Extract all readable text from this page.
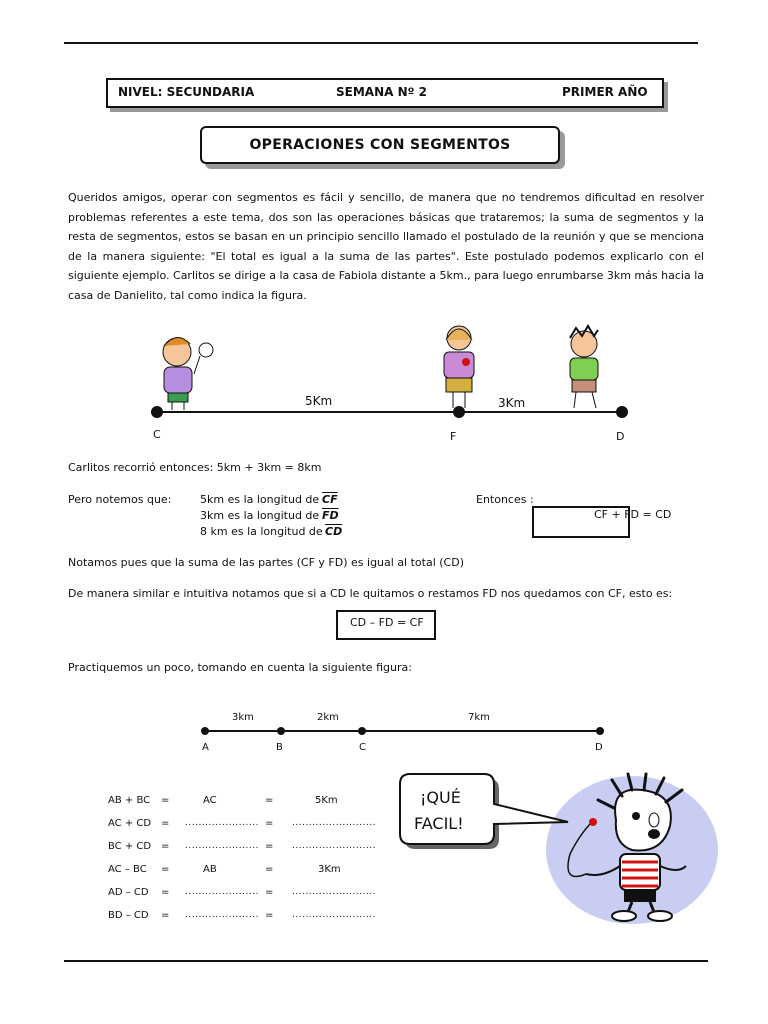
NIVEL: SECUNDARIA	SEMANA Nº 2	PRIMER AÑO
OPERACIONES CON SEGMENTOS
Queridos amigos, operar con segmentos es fácil y sencillo, de manera que no tendremos dificultad en resolver problemas referentes a este tema, dos son las operaciones básicas que trataremos; la suma de segmentos y la resta de segmentos, estos se basan en un principio sencillo llamado el postulado de la reunión y que se menciona de la manera siguiente: "El total es igual a la suma de las partes". Este postulado podemos explicarlo con el siguiente ejemplo. Carlitos se dirige a la casa de Fabiola distante a 5km., para luego enrumbarse 3km más hacia la casa de Danielito, tal como indica la figura.
5Km	3Km
C	F	D
Carlitos recorrió entonces: 5km + 3km = 8km
Pero notemos que:	5km es la longitud de $\overline{CF}$
3km es la longitud de $\overline{FD}$
8 km es la longitud de $\overline{CD}$
Entonces :
CF + FD = CD
Notamos pues que la suma de las partes (CF y FD) es igual al total (CD)
De manera similar e intuitiva notamos que si a CD le quitamos o restamos FD nos quedamos con CF, esto es:
CD – FD = CF
Practiquemos un poco, tomando en cuenta la siguiente figura:
3km	2km	7km
A	B	C	D
AB + BC =	AC	=	5Km
AC + CD = ...................... = .........................
BC + CD = ...................... = .........................
AC – BC =	AB	=	3Km
AD – CD = ...................... = .........................
BD – CD = ...................... = .........................
¡QUÉ
FACIL!
